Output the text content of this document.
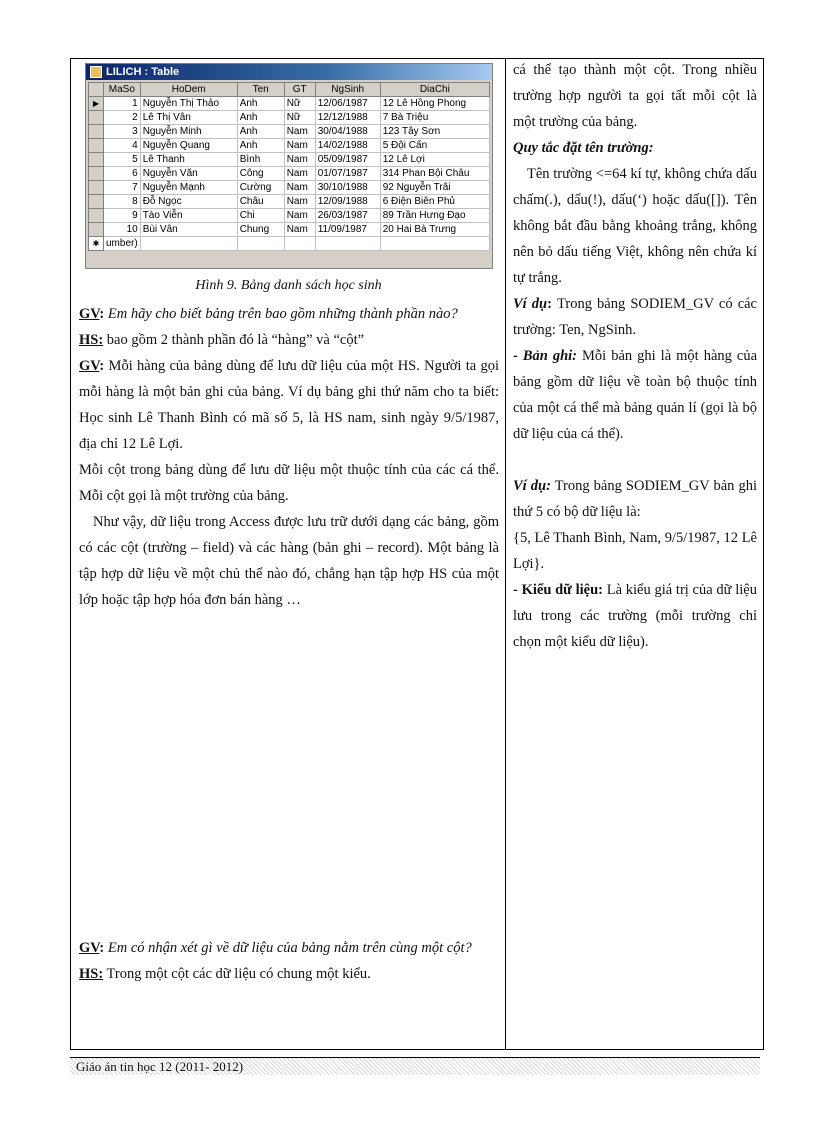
LILICH : Table
	MaSo	HoDem	Ten	GT	NgSinh	DiaChi
▶	1	Nguyễn Thị Thảo	Anh	Nữ	12/06/1987	12 Lê Hồng Phong
	2	Lê Thị Vân	Anh	Nữ	12/12/1988	7 Bà Triệu
	3	Nguyễn Minh	Anh	Nam	30/04/1988	123 Tây Sơn
	4	Nguyễn Quang	Anh	Nam	14/02/1988	5 Đội Cấn
	5	Lê Thanh	Bình	Nam	05/09/1987	12 Lê Lợi
	6	Nguyễn Văn	Công	Nam	01/07/1987	314 Phan Bội Châu
	7	Nguyễn Mạnh	Cường	Nam	30/10/1988	92 Nguyễn Trãi
	8	Đỗ Ngọc	Châu	Nam	12/09/1988	6 Điện Biên Phủ
	9	Tào Viễn	Chi	Nam	26/03/1987	89 Trần Hưng Đạo
	10	Bùi Vân	Chung	Nam	11/09/1987	20 Hai Bà Trưng
✱	umber)					
Hình 9. Bảng danh sách học sinh

GV: Em hãy cho biết bảng trên bao gồm những thành phần nào?

HS: bao gồm 2 thành phần đó là “hàng” và “cột”

GV: Mỗi hàng của bảng dùng để lưu dữ liệu của một HS. Người ta gọi mỗi hàng là một bản ghi của bảng. Ví dụ bảng ghi thứ năm cho ta biết: Học sinh Lê Thanh Bình có mã số 5, là HS nam, sinh ngày 9/5/1987, địa chỉ 12 Lê Lợi.

Mỗi cột trong bảng dùng để lưu dữ liệu một thuộc tính của các cá thể. Mỗi cột gọi là một trường của bảng.

Như vậy, dữ liệu trong Access được lưu trữ dưới dạng các bảng, gồm có các cột (trường – field) và các hàng (bản ghi – record). Một bảng là tập hợp dữ liệu về một chủ thể nào đó, chẳng hạn tập hợp HS của một lớp hoặc tập hợp hóa đơn bán hàng …

GV: Em có nhận xét gì về dữ liệu của bảng nằm trên cùng một cột?

HS: Trong một cột các dữ liệu có chung một kiểu.

cá thể tạo thành một cột. Trong nhiều trường hợp người ta gọi tất mỗi cột là một trường của bảng.

Quy tắc đặt tên trường:

Tên trường <=64 kí tự, không chứa dấu chấm(.), dấu(!), dấu(‘) hoặc dấu([]). Tên không bắt đầu bằng khoảng trắng, không nên bỏ dấu tiếng Việt, không nên chứa kí tự trắng.

Ví dụ: Trong bảng SODIEM_GV có các trường: Ten, NgSinh.

- Bản ghi: Mỗi bản ghi là một hàng của bảng gồm dữ liệu về toàn bộ thuộc tính của một cá thể mà bảng quản lí (gọi là bộ dữ liệu của cá thể).

Ví dụ: Trong bảng SODIEM_GV bản ghi thứ 5 có bộ dữ liệu là:

{5, Lê Thanh Bình, Nam, 9/5/1987, 12 Lê Lợi}.

- Kiểu dữ liệu: Là kiểu giá trị của dữ liệu lưu trong các trường (mỗi trường chỉ chọn một kiểu dữ liệu).

Giáo án tin học 12 (2011- 2012)
